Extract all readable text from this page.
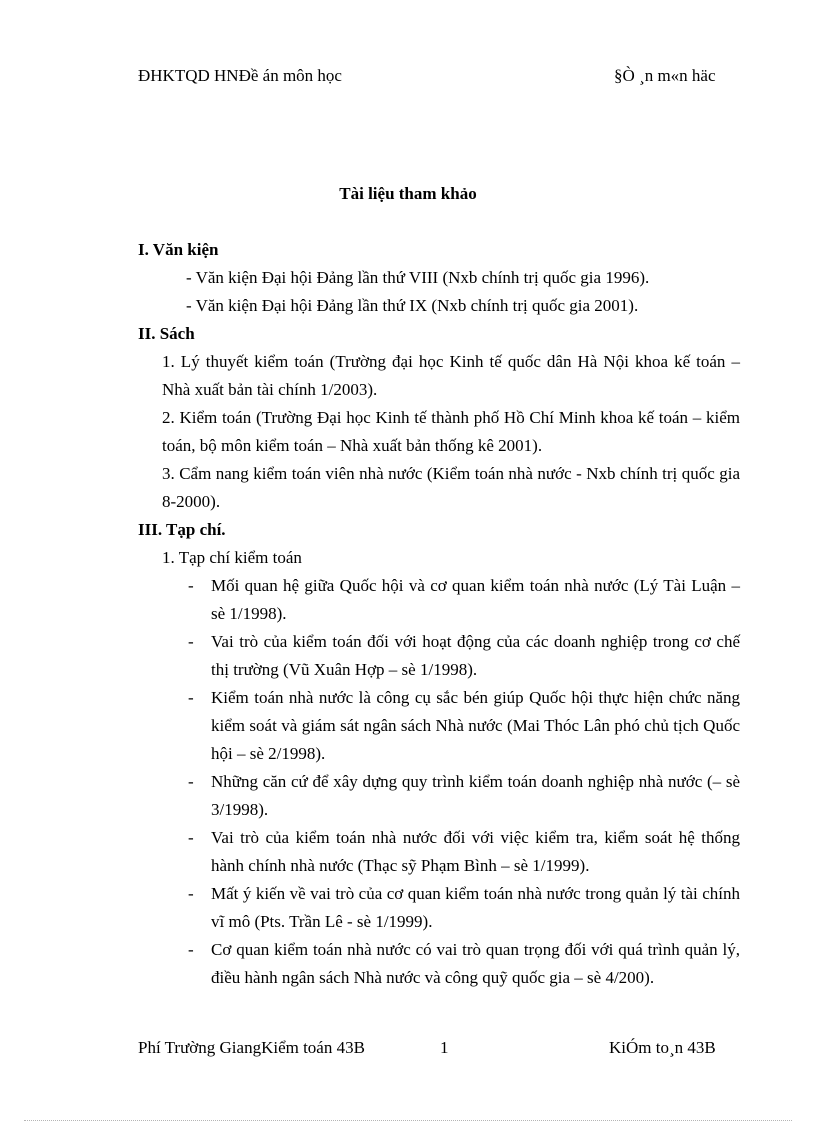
ĐHKTQD HNĐề án môn học	§Ò ¸n m«n häc
Tài liệu tham khảo
I. Văn kiện
- Văn kiện Đại hội Đảng lần thứ VIII (Nxb chính trị quốc gia 1996).
- Văn kiện Đại hội Đảng lần thứ IX (Nxb chính trị quốc gia 2001).
II. Sách
1. Lý thuyết kiểm toán (Trường đại học Kinh tế quốc dân Hà Nội khoa kế toán – Nhà xuất bản tài chính 1/2003).
2. Kiểm toán (Trường Đại học Kinh tế thành phố Hồ Chí Minh khoa kế toán – kiểm toán, bộ môn kiểm toán – Nhà xuất bản thống kê 2001).
3. Cẩm nang kiểm toán viên nhà nước (Kiểm toán nhà nước - Nxb chính trị quốc gia 8-2000).
III. Tạp chí.
1. Tạp chí kiểm toán
- Mối quan hệ giữa Quốc hội và cơ quan kiểm toán nhà nước (Lý Tài Luận – sè 1/1998).
- Vai trò của kiểm toán đối với hoạt động của các doanh nghiệp trong cơ chế thị trường (Vũ Xuân Hợp – sè 1/1998).
- Kiểm toán nhà nước là công cụ sắc bén giúp Quốc hội thực hiện chức năng kiểm soát và giám sát ngân sách Nhà nước (Mai Thóc Lân phó chủ tịch Quốc hội – sè 2/1998).
- Những căn cứ để xây dựng quy trình kiểm toán doanh nghiệp nhà nước (– sè 3/1998).
- Vai trò của kiểm toán nhà nước đối với việc kiểm tra, kiểm soát hệ thống hành chính nhà nước (Thạc sỹ Phạm Bình – sè 1/1999).
- Mất ý kiến về vai trò của cơ quan kiểm toán nhà nước trong quản lý tài chính vĩ mô (Pts. Trần Lê - sè 1/1999).
- Cơ quan kiểm toán nhà nước có vai trò quan trọng đối với quá trình quản lý, điều hành ngân sách Nhà nước và công quỹ quốc gia – sè 4/200).
Phí Trường GiangKiểm toán 43B	1	KiÓm to¸n 43B
